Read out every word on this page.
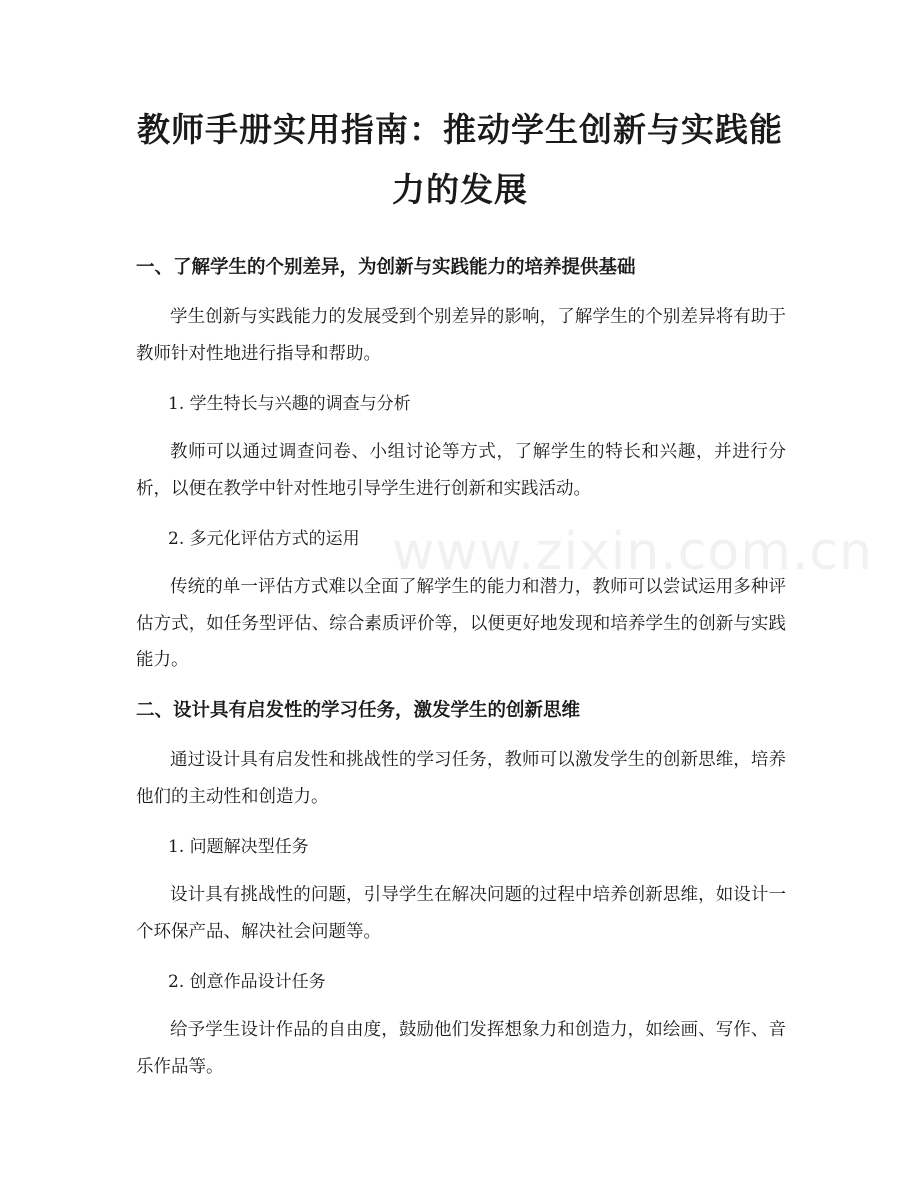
www.zixin.com.cn
教师手册实用指南：推动学生创新与实践能力的发展
一、了解学生的个别差异，为创新与实践能力的培养提供基础
学生创新与实践能力的发展受到个别差异的影响，了解学生的个别差异将有助于教师针对性地进行指导和帮助。
1. 学生特长与兴趣的调查与分析
教师可以通过调查问卷、小组讨论等方式，了解学生的特长和兴趣，并进行分析，以便在教学中针对性地引导学生进行创新和实践活动。
2. 多元化评估方式的运用
传统的单一评估方式难以全面了解学生的能力和潜力，教师可以尝试运用多种评估方式，如任务型评估、综合素质评价等，以便更好地发现和培养学生的创新与实践能力。
二、设计具有启发性的学习任务，激发学生的创新思维
通过设计具有启发性和挑战性的学习任务，教师可以激发学生的创新思维，培养他们的主动性和创造力。
1. 问题解决型任务
设计具有挑战性的问题，引导学生在解决问题的过程中培养创新思维，如设计一个环保产品、解决社会问题等。
2. 创意作品设计任务
给予学生设计作品的自由度，鼓励他们发挥想象力和创造力，如绘画、写作、音乐作品等。
